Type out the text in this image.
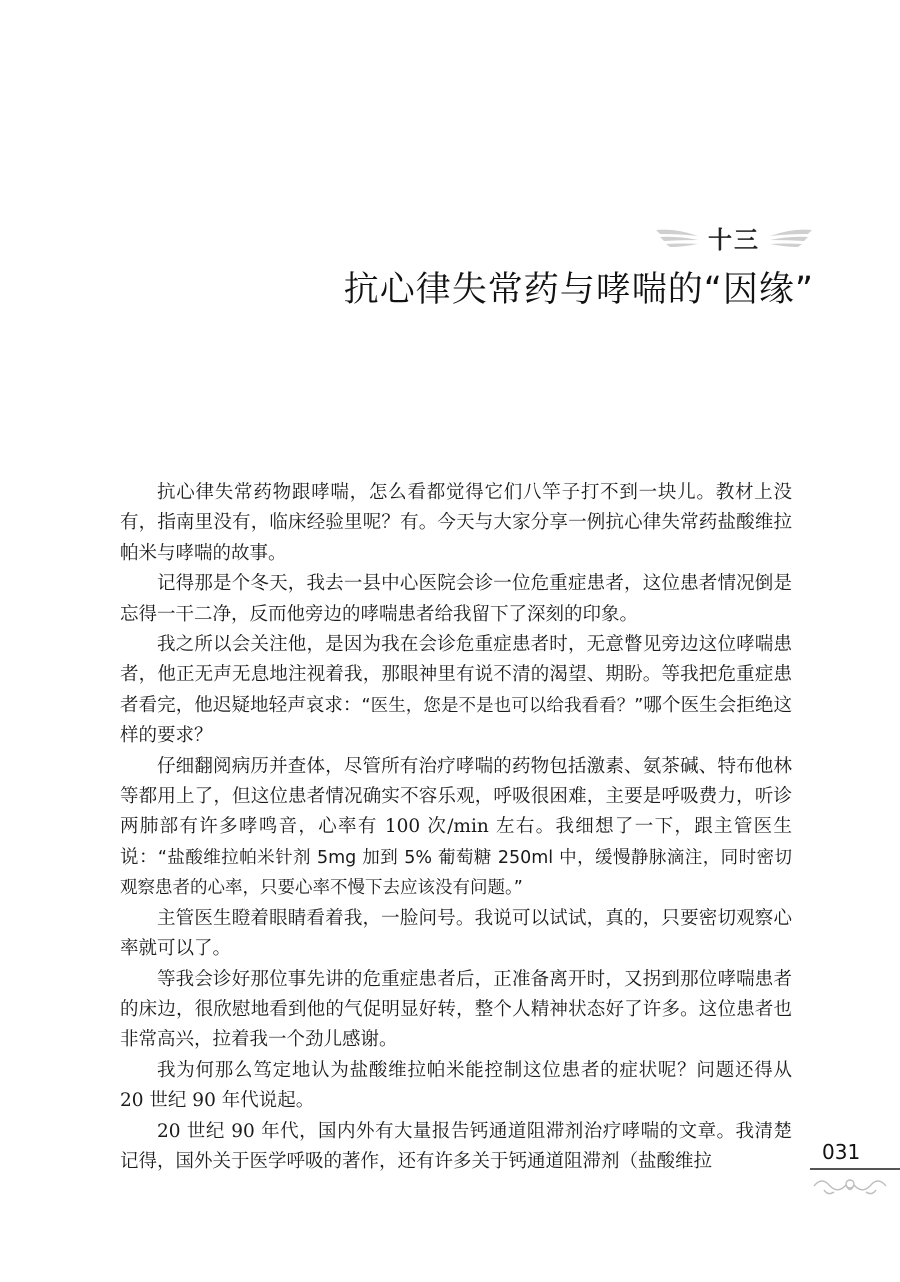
十三
抗心律失常药与哮喘的“因缘”

抗心律失常药物跟哮喘，怎么看都觉得它们八竿子打不到一块儿。教材上没有，指南里没有，临床经验里呢？有。今天与大家分享一例抗心律失常药盐酸维拉帕米与哮喘的故事。

记得那是个冬天，我去一县中心医院会诊一位危重症患者，这位患者情况倒是忘得一干二净，反而他旁边的哮喘患者给我留下了深刻的印象。

我之所以会关注他，是因为我在会诊危重症患者时，无意瞥见旁边这位哮喘患者，他正无声无息地注视着我，那眼神里有说不清的渴望、期盼。等我把危重症患者看完，他迟疑地轻声哀求：“医生，您是不是也可以给我看看？”哪个医生会拒绝这样的要求？

仔细翻阅病历并查体，尽管所有治疗哮喘的药物包括激素、氨茶碱、特布他林等都用上了，但这位患者情况确实不容乐观，呼吸很困难，主要是呼吸费力，听诊两肺部有许多哮鸣音，心率有 100 次/min 左右。我细想了一下，跟主管医生说：“盐酸维拉帕米针剂 5mg 加到 5% 葡萄糖 250ml 中，缓慢静脉滴注，同时密切观察患者的心率，只要心率不慢下去应该没有问题。”

主管医生瞪着眼睛看着我，一脸问号。我说可以试试，真的，只要密切观察心率就可以了。

等我会诊好那位事先讲的危重症患者后，正准备离开时，又拐到那位哮喘患者的床边，很欣慰地看到他的气促明显好转，整个人精神状态好了许多。这位患者也非常高兴，拉着我一个劲儿感谢。

我为何那么笃定地认为盐酸维拉帕米能控制这位患者的症状呢？问题还得从 20 世纪 90 年代说起。

20 世纪 90 年代，国内外有大量报告钙通道阻滞剂治疗哮喘的文章。我清楚记得，国外关于医学呼吸的著作，还有许多关于钙通道阻滞剂（盐酸维拉	031
